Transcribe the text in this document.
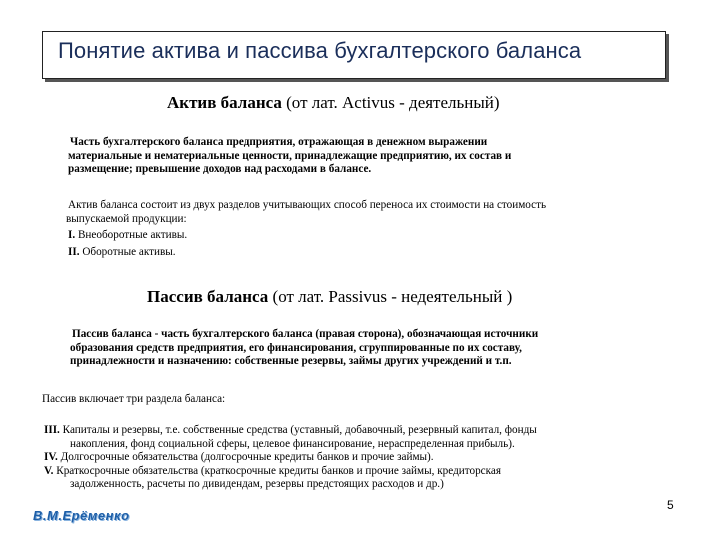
Понятие актива и пассива бухгалтерского баланса
Актив баланса (от лат. Activus - деятельный)
Часть бухгалтерского баланса предприятия, отражающая в денежном выражении
материальные и нематериальные ценности, принадлежащие предприятию, их состав и
размещение; превышение доходов над расходами в балансе.
Актив баланса состоит из двух разделов учитывающих способ переноса их стоимости на стоимость
выпускаемой продукции:
I. Внеоборотные активы.
II. Оборотные активы.
Пассив баланса (от лат. Passivus - недеятельный )
Пассив баланса - часть бухгалтерского баланса (правая сторона), обозначающая источники
образования средств предприятия, его финансирования, сгруппированные по их составу,
принадлежности и назначению: собственные резервы, займы других учреждений и т.п.
Пассив включает три раздела баланса:
III. Капиталы и резервы, т.е. собственные средства (уставный, добавочный, резервный капитал, фонды
накопления, фонд социальной сферы, целевое финансирование, нераспределенная прибыль).
IV. Долгосрочные обязательства (долгосрочные кредиты банков и прочие займы).
V. Краткосрочные обязательства (краткосрочные кредиты банков и прочие займы, кредиторская
задолженность, расчеты по дивидендам, резервы предстоящих расходов и др.)
В.М.Ерёменко
5
